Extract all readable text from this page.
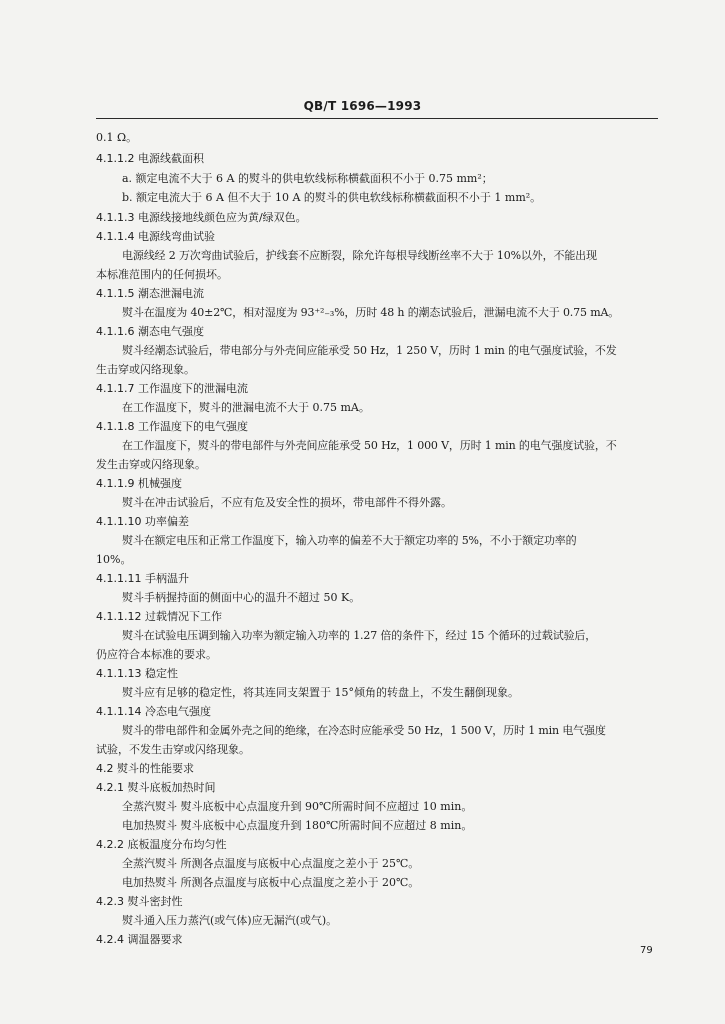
QB/T 1696—1993
0.1 Ω。
4.1.1.2 电源线截面积
a. 额定电流不大于 6 A 的熨斗的供电软线标称横截面积不小于 0.75 mm²；
b. 额定电流大于 6 A 但不大于 10 A 的熨斗的供电软线标称横截面积不小于 1 mm²。
4.1.1.3 电源线接地线颜色应为黄/绿双色。
4.1.1.4 电源线弯曲试验
电源线经 2 万次弯曲试验后，护线套不应断裂，除允许每根导线断丝率不大于 10%以外，不能出现
本标准范围内的任何损坏。
4.1.1.5 潮态泄漏电流
熨斗在温度为 40±2℃，相对湿度为 93⁺²₋₃%，历时 48 h 的潮态试验后，泄漏电流不大于 0.75 mA。
4.1.1.6 潮态电气强度
熨斗经潮态试验后，带电部分与外壳间应能承受 50 Hz，1 250 V，历时 1 min 的电气强度试验，不发
生击穿或闪络现象。
4.1.1.7 工作温度下的泄漏电流
在工作温度下，熨斗的泄漏电流不大于 0.75 mA。
4.1.1.8 工作温度下的电气强度
在工作温度下，熨斗的带电部件与外壳间应能承受 50 Hz，1 000 V，历时 1 min 的电气强度试验，不
发生击穿或闪络现象。
4.1.1.9 机械强度
熨斗在冲击试验后，不应有危及安全性的损坏，带电部件不得外露。
4.1.1.10 功率偏差
熨斗在额定电压和正常工作温度下，输入功率的偏差不大于额定功率的 5%，不小于额定功率的
10%。
4.1.1.11 手柄温升
熨斗手柄握持面的侧面中心的温升不超过 50 K。
4.1.1.12 过载情况下工作
熨斗在试验电压调到输入功率为额定输入功率的 1.27 倍的条件下，经过 15 个循环的过载试验后，
仍应符合本标准的要求。
4.1.1.13 稳定性
熨斗应有足够的稳定性，将其连同支架置于 15°倾角的转盘上，不发生翻倒现象。
4.1.1.14 冷态电气强度
熨斗的带电部件和金属外壳之间的绝缘，在冷态时应能承受 50 Hz，1 500 V，历时 1 min 电气强度
试验，不发生击穿或闪络现象。
4.2 熨斗的性能要求
4.2.1 熨斗底板加热时间
全蒸汽熨斗 熨斗底板中心点温度升到 90℃所需时间不应超过 10 min。
电加热熨斗 熨斗底板中心点温度升到 180℃所需时间不应超过 8 min。
4.2.2 底板温度分布均匀性
全蒸汽熨斗 所测各点温度与底板中心点温度之差小于 25℃。
电加热熨斗 所测各点温度与底板中心点温度之差小于 20℃。
4.2.3 熨斗密封性
熨斗通入压力蒸汽(或气体)应无漏汽(或气)。
4.2.4 调温器要求
79
